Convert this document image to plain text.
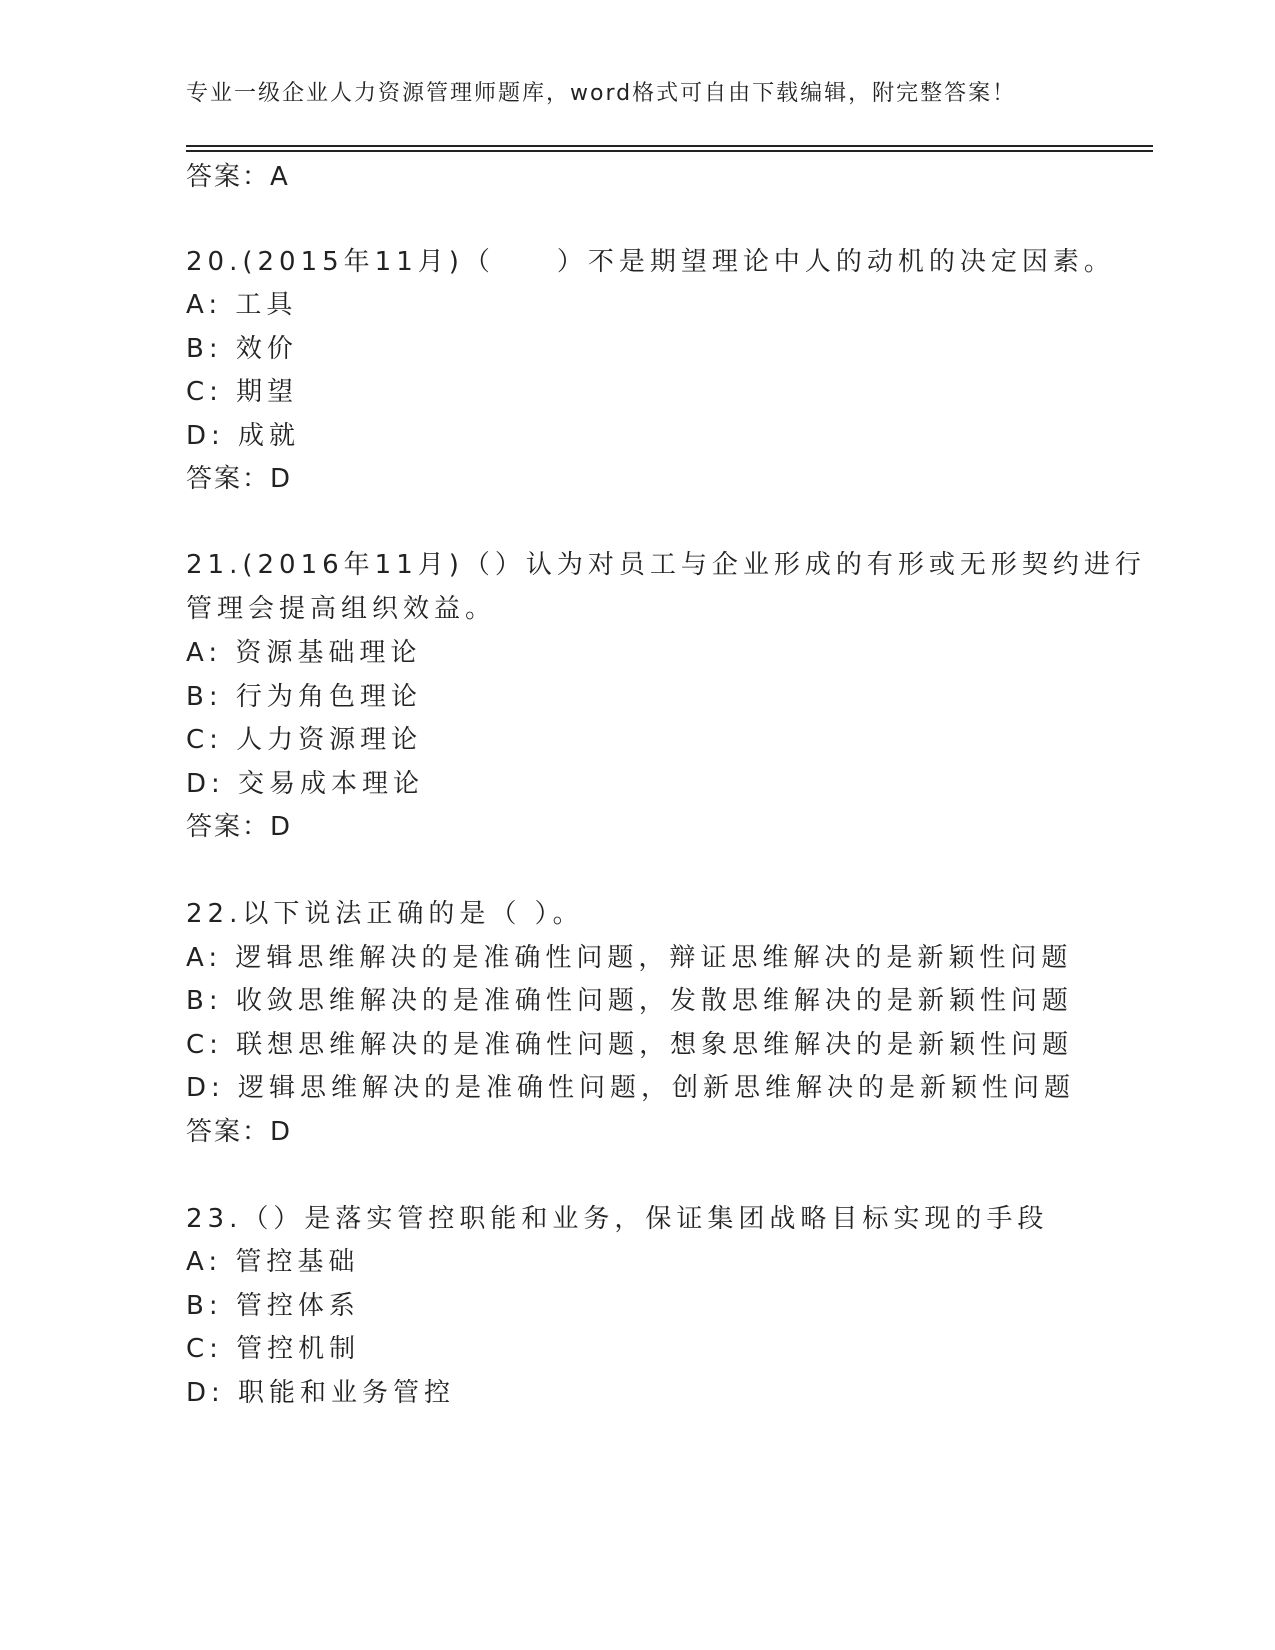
专业一级企业人力资源管理师题库，word格式可自由下载编辑，附完整答案！
答案：A
20.(2015年11月)（　　）不是期望理论中人的动机的决定因素。
A: 工具
B: 效价
C: 期望
D: 成就
答案：D
21.(2016年11月)（）认为对员工与企业形成的有形或无形契约进行
管理会提高组织效益。
A: 资源基础理论
B: 行为角色理论
C: 人力资源理论
D: 交易成本理论
答案：D
22.以下说法正确的是（ ）。
A: 逻辑思维解决的是准确性问题，辩证思维解决的是新颖性问题
B: 收敛思维解决的是准确性问题，发散思维解决的是新颖性问题
C: 联想思维解决的是准确性问题，想象思维解决的是新颖性问题
D: 逻辑思维解决的是准确性问题，创新思维解决的是新颖性问题
答案：D
23.（）是落实管控职能和业务，保证集团战略目标实现的手段
A: 管控基础
B: 管控体系
C: 管控机制
D: 职能和业务管控
